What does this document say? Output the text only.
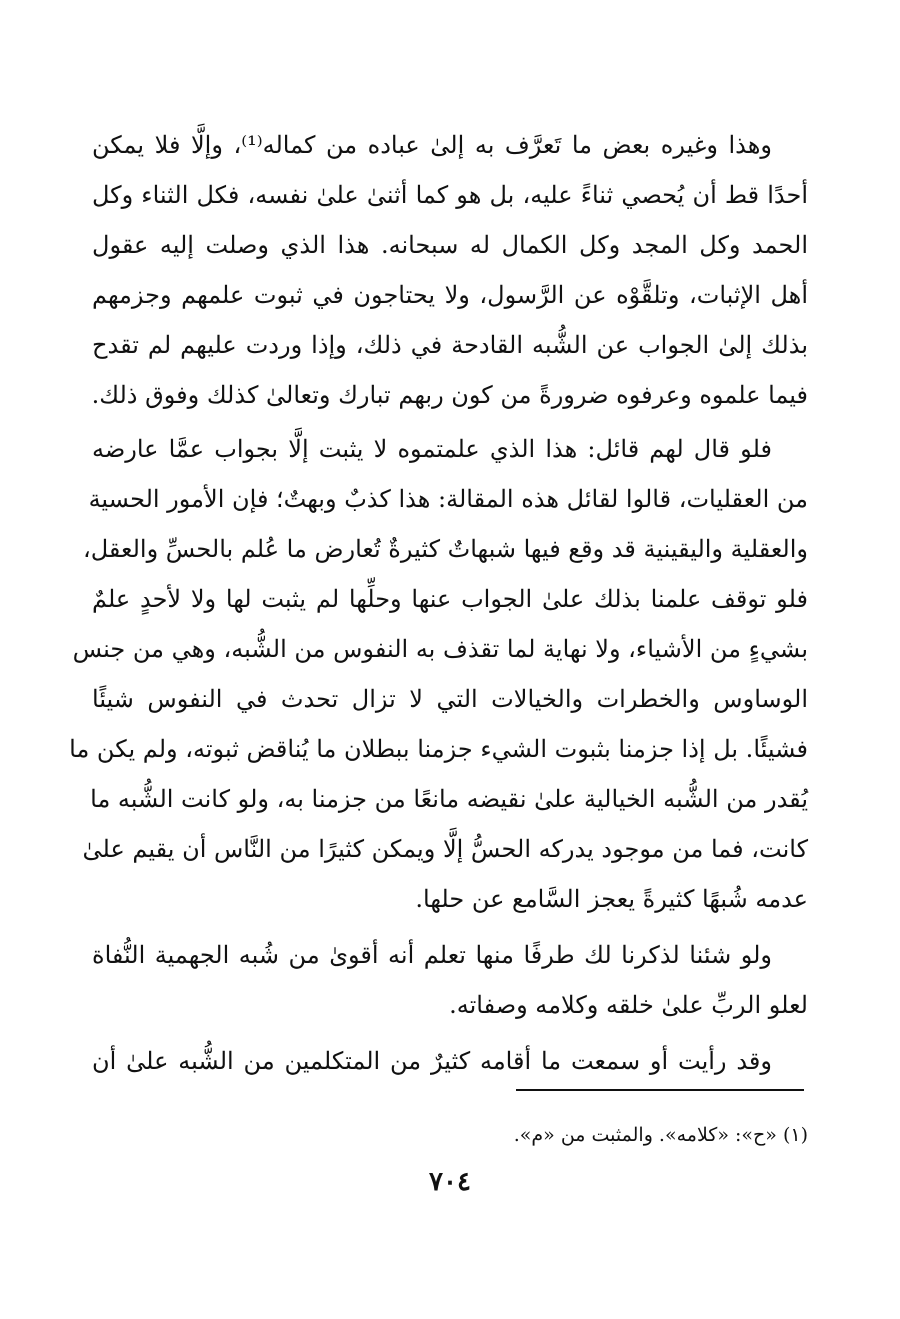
وهذا وغيره بعض ما تَعرَّف به إلىٰ عباده من كماله⁽¹⁾، وإلَّا فلا يمكن
أحدًا قط أن يُحصي ثناءً عليه، بل هو كما أثنىٰ علىٰ نفسه، فكل الثناء وكل
الحمد وكل المجد وكل الكمال له سبحانه. هذا الذي وصلت إليه عقول
أهل الإثبات، وتلقَّوْه عن الرَّسول، ولا يحتاجون في ثبوت علمهم وجزمهم
بذلك إلىٰ الجواب عن الشُّبه القادحة في ذلك، وإذا وردت عليهم لم تقدح
فيما علموه وعرفوه ضرورةً من كون ربهم تبارك وتعالىٰ كذلك وفوق ذلك.
فلو قال لهم قائل: هذا الذي علمتموه لا يثبت إلَّا بجواب عمَّا عارضه
من العقليات، قالوا لقائل هذه المقالة: هذا كذبٌ وبهتٌ؛ فإن الأمور الحسية
والعقلية واليقينية قد وقع فيها شبهاتٌ كثيرةٌ تُعارض ما عُلم بالحسِّ والعقل،
فلو توقف علمنا بذلك علىٰ الجواب عنها وحلِّها لم يثبت لها ولا لأحدٍ علمٌ
بشيءٍ من الأشياء، ولا نهاية لما تقذف به النفوس من الشُّبه، وهي من جنس
الوساوس والخطرات والخيالات التي لا تزال تحدث في النفوس شيئًا
فشيئًا. بل إذا جزمنا بثبوت الشيء جزمنا ببطلان ما يُناقض ثبوته، ولم يكن ما
يُقدر من الشُّبه الخيالية علىٰ نقيضه مانعًا من جزمنا به، ولو كانت الشُّبه ما
كانت، فما من موجود يدركه الحسُّ إلَّا ويمكن كثيرًا من النَّاس أن يقيم علىٰ
عدمه شُبهًا كثيرةً يعجز السَّامع عن حلها.
ولو شئنا لذكرنا لك طرفًا منها تعلم أنه أقوىٰ من شُبه الجهمية النُّفاة
لعلو الربِّ علىٰ خلقه وكلامه وصفاته.
وقد رأيت أو سمعت ما أقامه كثيرٌ من المتكلمين من الشُّبه علىٰ أن
(١) «ح»: «كلامه». والمثبت من «م».
٧٠٤
